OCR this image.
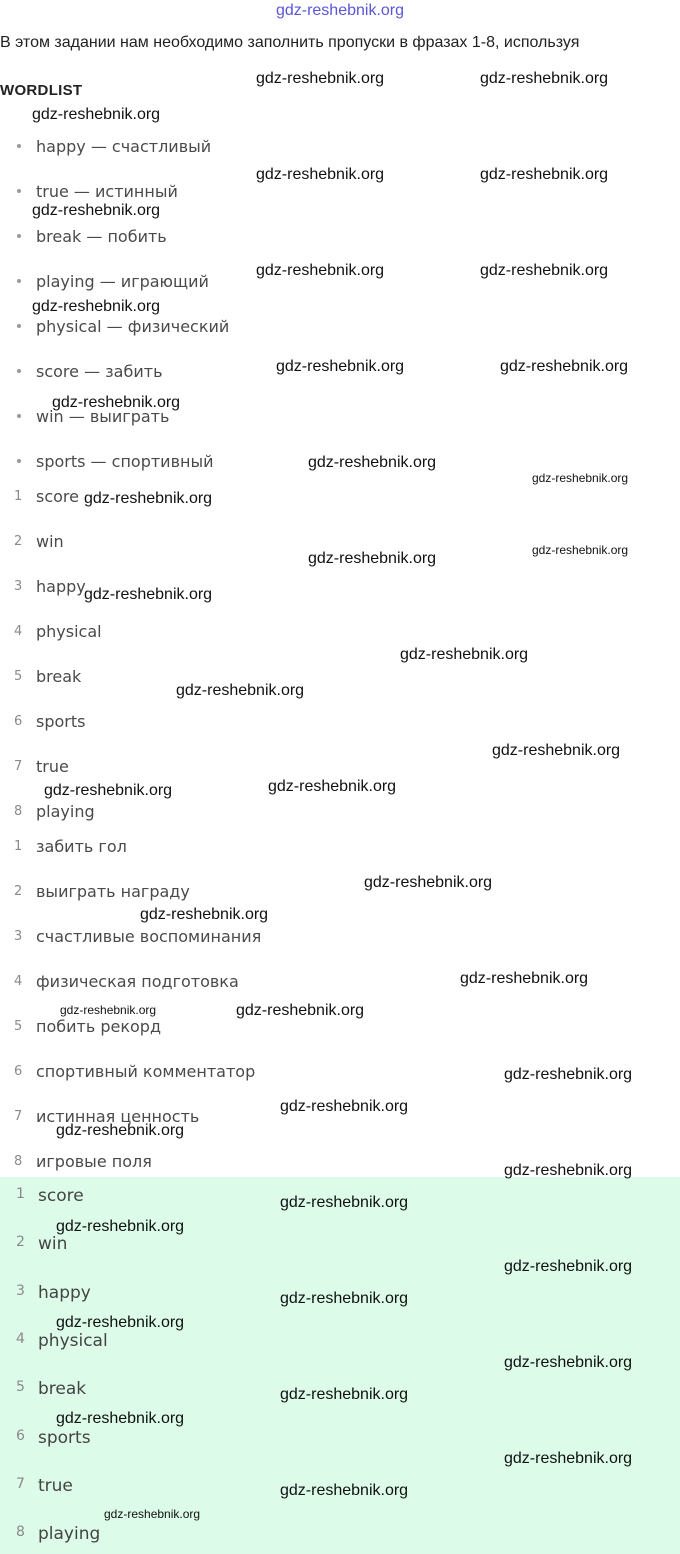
gdz-reshebnik.org
В этом задании нам необходимо заполнить пропуски в фразах 1-8, используя
WORDLIST
happy — счастливый
true — истинный
break — побить
playing — играющий
physical — физический
score — забить
win — выиграть
sports — спортивный
1 score
2 win
3 happy
4 physical
5 break
6 sports
7 true
8 playing
1 забить гол
2 выиграть награду
3 счастливые воспоминания
4 физическая подготовка
5 побить рекорд
6 спортивный комментатор
7 истинная ценность
8 игровые поля
1 score
2 win
3 happy
4 physical
5 break
6 sports
7 true
8 playing
gdz-reshebnik.org	gdz-reshebnik.org
gdz-reshebnik.org
gdz-reshebnik.org	gdz-reshebnik.org
gdz-reshebnik.org
gdz-reshebnik.org	gdz-reshebnik.org
gdz-reshebnik.org
gdz-reshebnik.org	gdz-reshebnik.org
gdz-reshebnik.org
gdz-reshebnik.org
gdz-reshebnik.org
gdz-reshebnik.org
gdz-reshebnik.org	gdz-reshebnik.org
gdz-reshebnik.org
gdz-reshebnik.org
gdz-reshebnik.org
gdz-reshebnik.org
gdz-reshebnik.org	gdz-reshebnik.org
gdz-reshebnik.org
gdz-reshebnik.org
gdz-reshebnik.org
gdz-reshebnik.org	gdz-reshebnik.org
gdz-reshebnik.org
gdz-reshebnik.org
gdz-reshebnik.org
gdz-reshebnik.org
gdz-reshebnik.org
gdz-reshebnik.org
gdz-reshebnik.org
gdz-reshebnik.org
gdz-reshebnik.org
gdz-reshebnik.org
gdz-reshebnik.org
gdz-reshebnik.org
gdz-reshebnik.org
gdz-reshebnik.org
gdz-reshebnik.org
